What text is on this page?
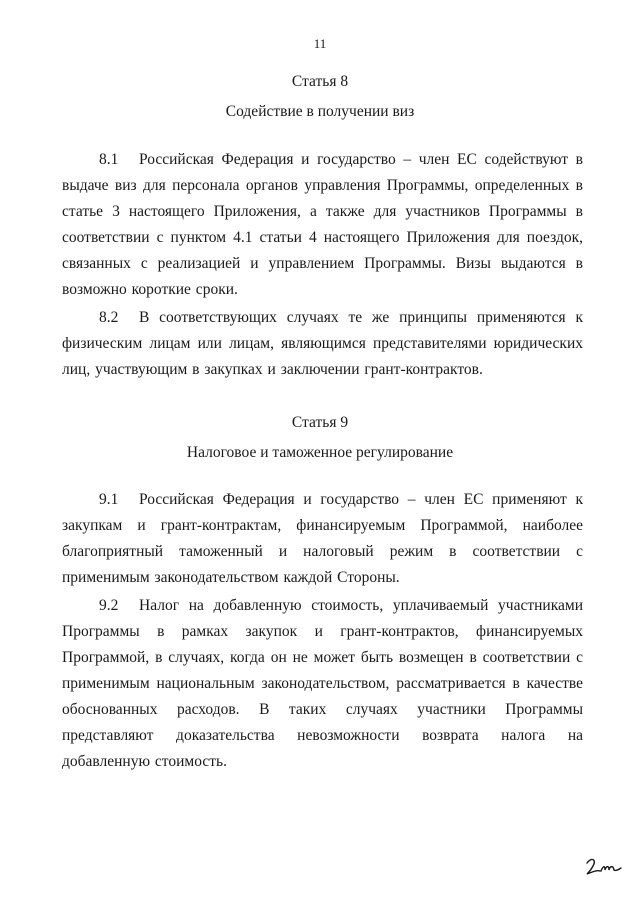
11
Статья 8
Содействие в получении виз

8.1 Российская Федерация и государство – член ЕС содействуют в выдаче виз для персонала органов управления Программы, определенных в статье 3 настоящего Приложения, а также для участников Программы в соответствии с пунктом 4.1 статьи 4 настоящего Приложения для поездок, связанных с реализацией и управлением Программы. Визы выдаются в возможно короткие сроки.

8.2 В соответствующих случаях те же принципы применяются к физическим лицам или лицам, являющимся представителями юридических лиц, участвующим в закупках и заключении грант-контрактов.

Статья 9
Налоговое и таможенное регулирование

9.1 Российская Федерация и государство – член ЕС применяют к закупкам и грант-контрактам, финансируемым Программой, наиболее благоприятный таможенный и налоговый режим в соответствии с применимым законодательством каждой Стороны.

9.2 Налог на добавленную стоимость, уплачиваемый участниками Программы в рамках закупок и грант-контрактов, финансируемых Программой, в случаях, когда он не может быть возмещен в соответствии с применимым национальным законодательством, рассматривается в качестве обоснованных расходов. В таких случаях участники Программы представляют доказательства невозможности возврата налога на добавленную стоимость.
